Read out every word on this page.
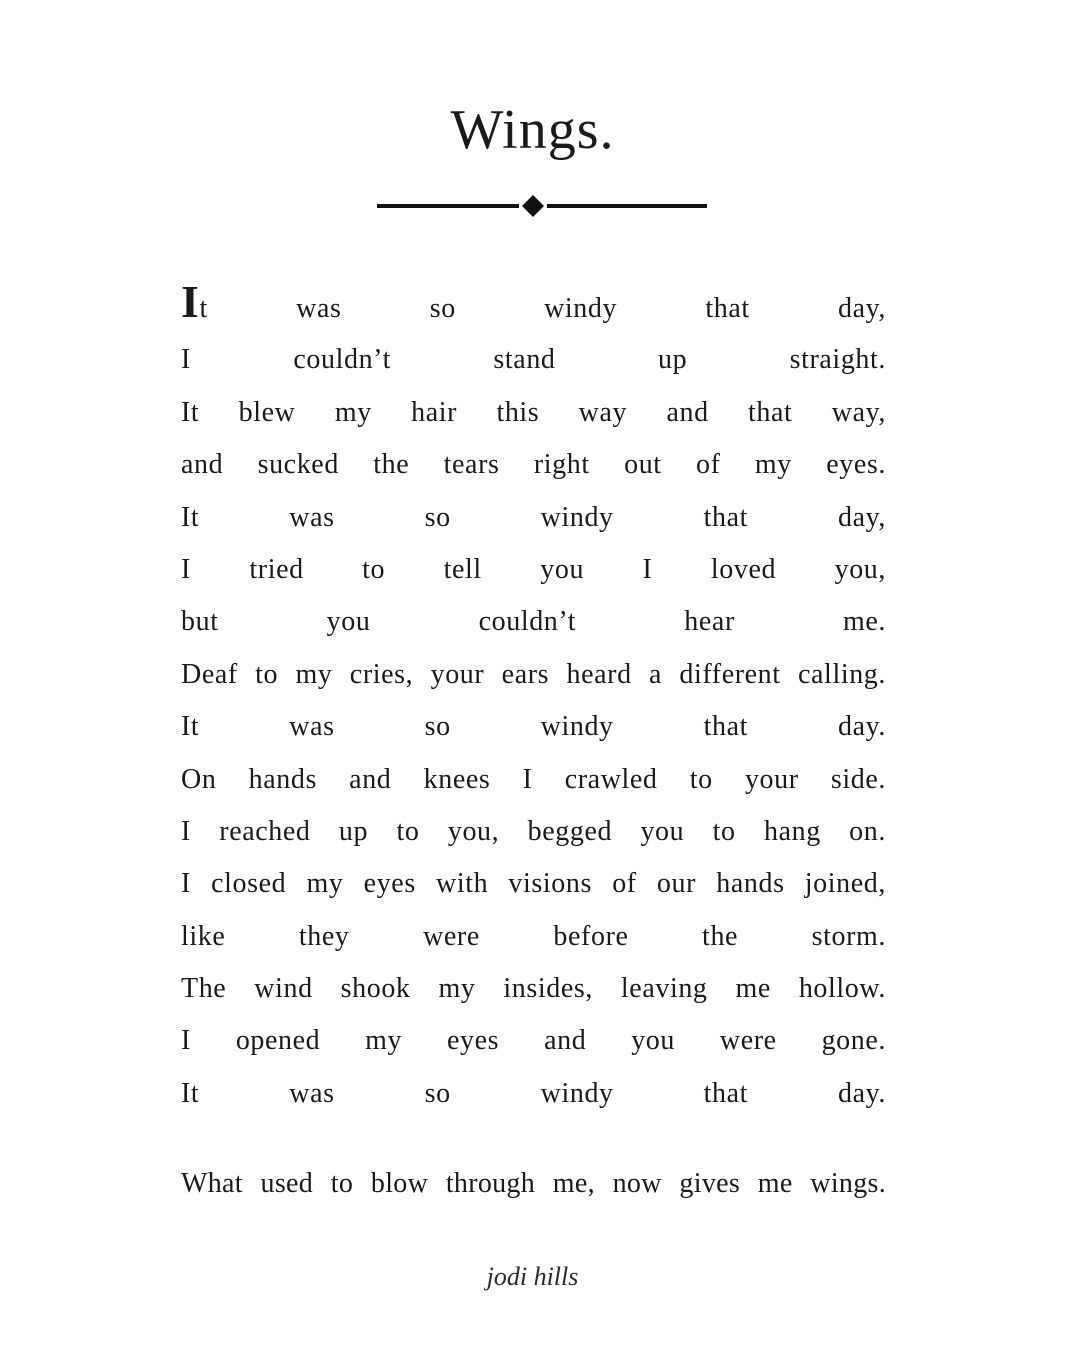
Wings.
It was so windy that day,
I couldn’t stand up straight.
It blew my hair this way and that way,
and sucked the tears right out of my eyes.
It was so windy that day,
I tried to tell you I loved you,
but you couldn’t hear me.
Deaf to my cries, your ears heard a different calling.
It was so windy that day.
On hands and knees I crawled to your side.
I reached up to you, begged you to hang on.
I closed my eyes with visions of our hands joined,
like they were before the storm.
The wind shook my insides, leaving me hollow.
I opened my eyes and you were gone.
It was so windy that day.
What used to blow through me, now gives me wings.
jodi hills
